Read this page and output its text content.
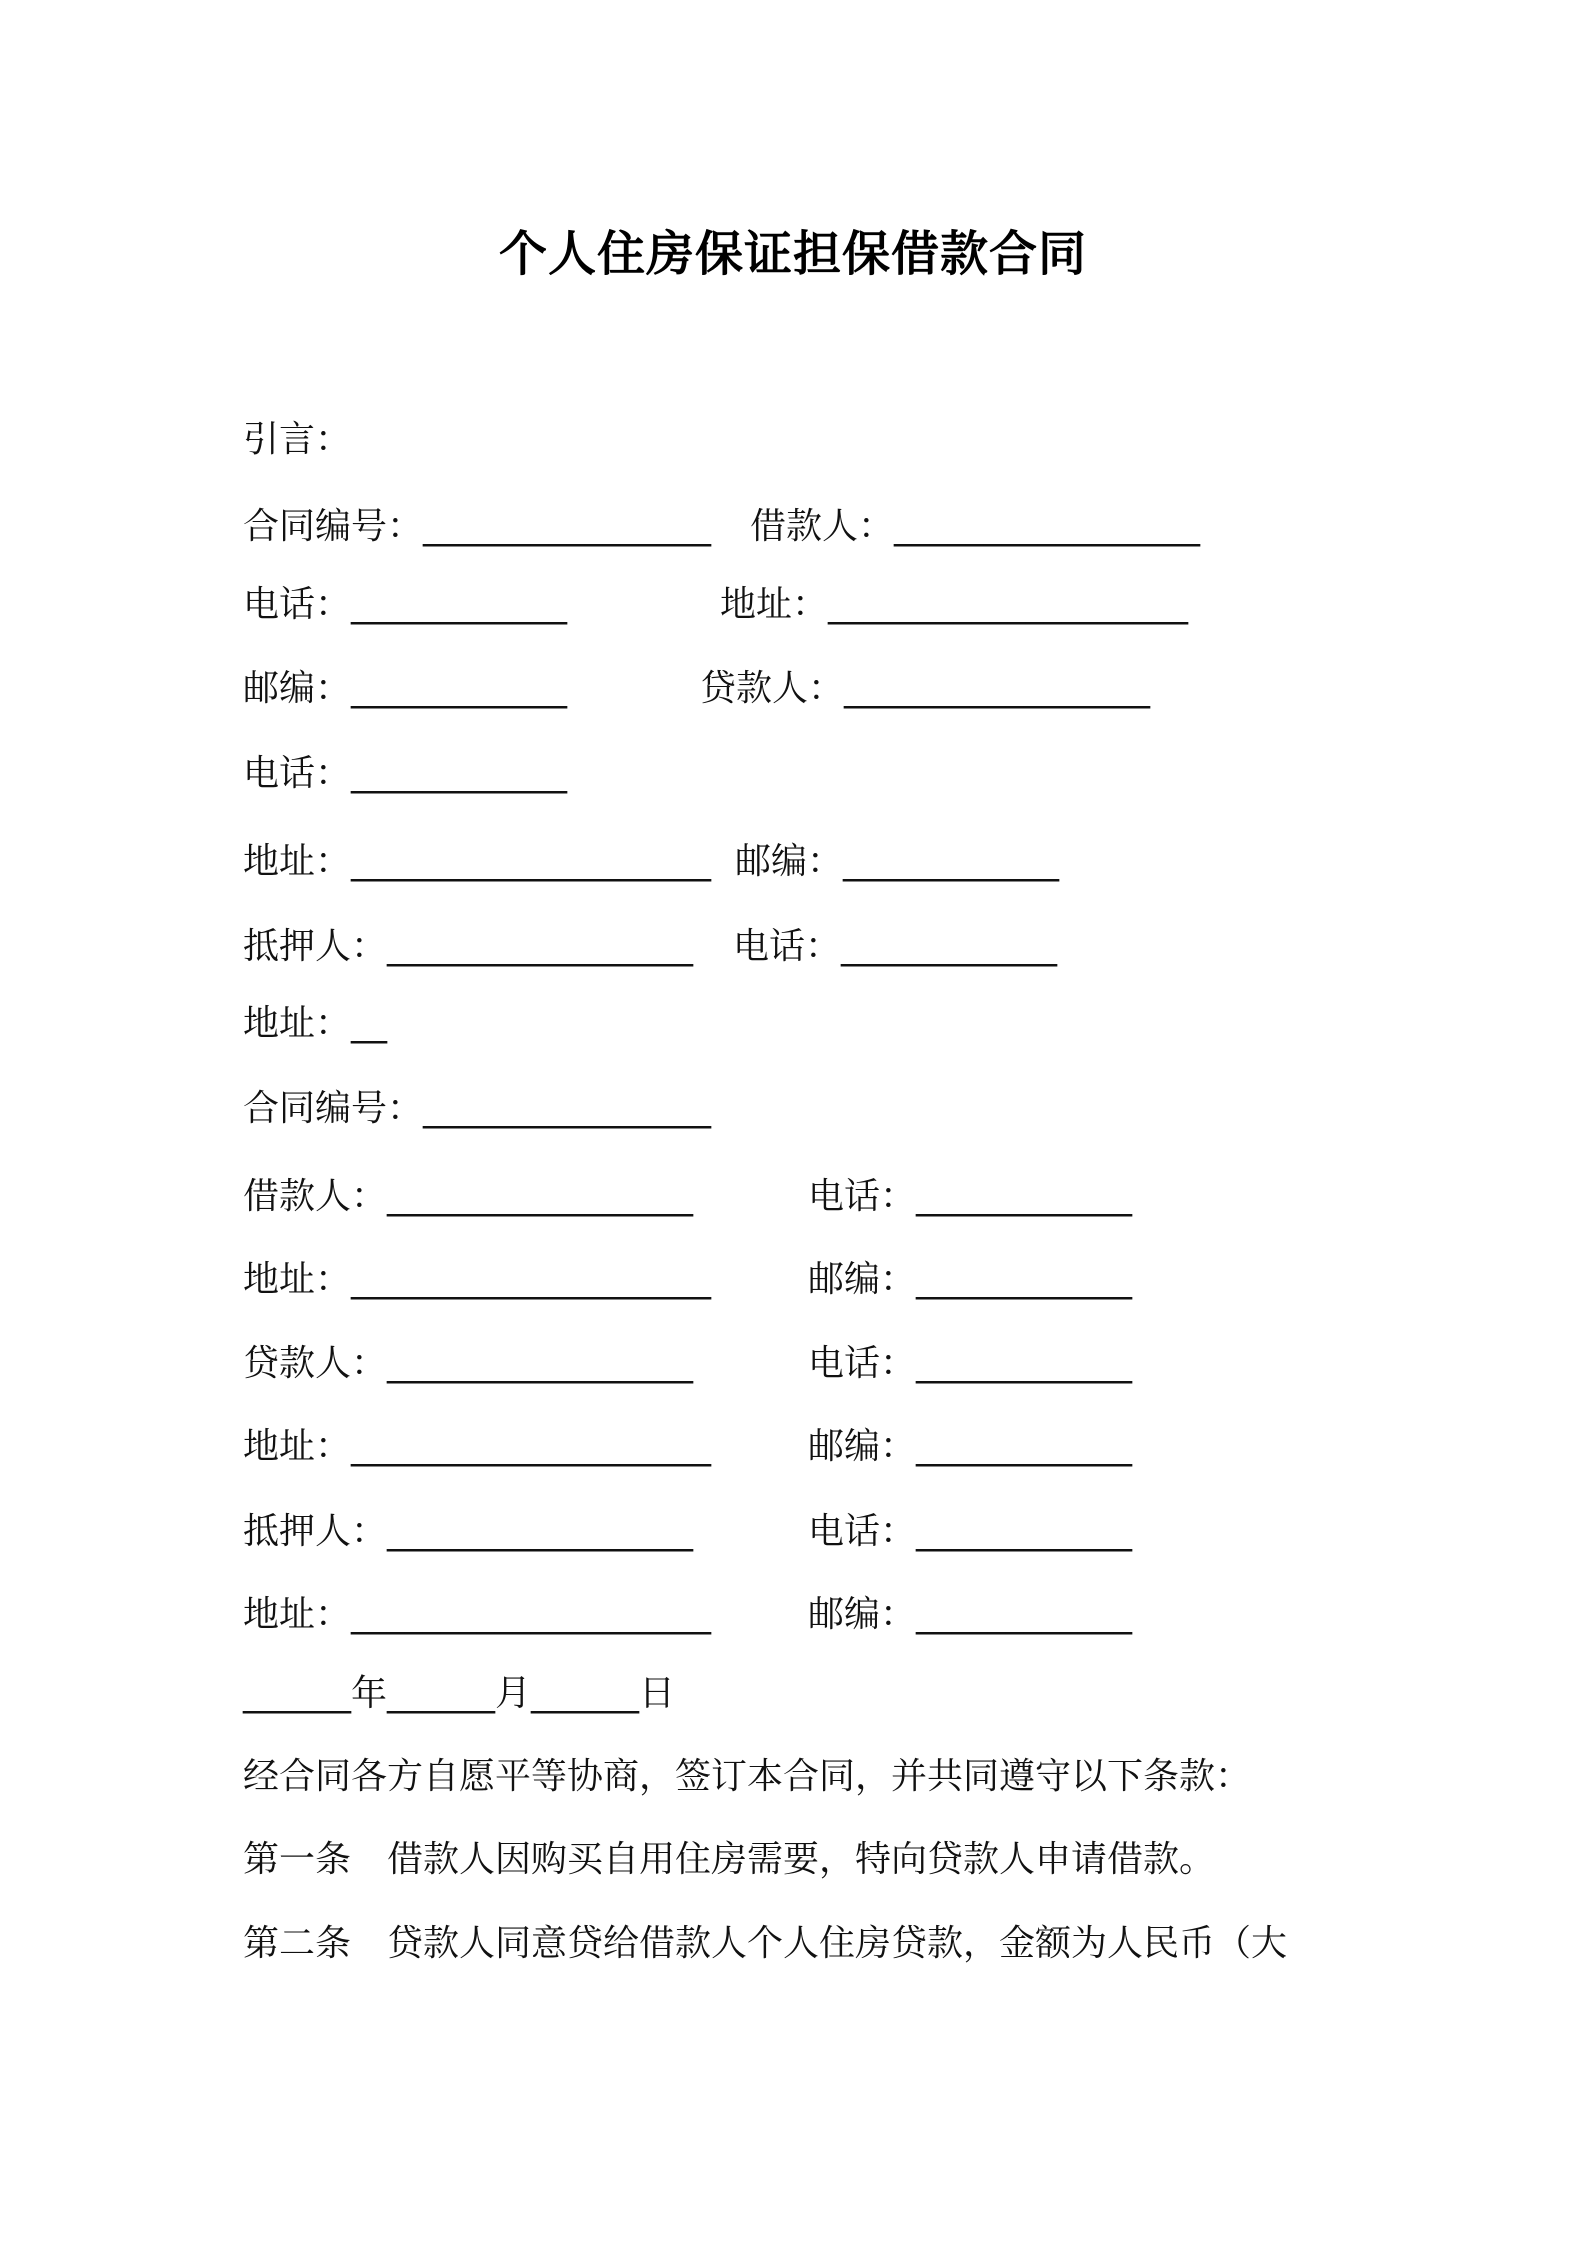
个人住房保证担保借款合同
引言：
合同编号：________________ 借款人：_________________
电话：____________	地址：____________________
邮编：____________	贷款人：_________________
电话：____________
地址：____________________ 邮编：____________
抵押人：_________________ 电话：____________
地址：__
合同编号：________________
借款人：_________________	电话：____________
地址：____________________	邮编：____________
贷款人：_________________	电话：____________
地址：____________________	邮编：____________
抵押人：_________________	电话：____________
地址：____________________	邮编：____________
______年______月______日
经合同各方自愿平等协商，签订本合同，并共同遵守以下条款：
第一条　借款人因购买自用住房需要，特向贷款人申请借款。
第二条　贷款人同意贷给借款人个人住房贷款，金额为人民币（大
